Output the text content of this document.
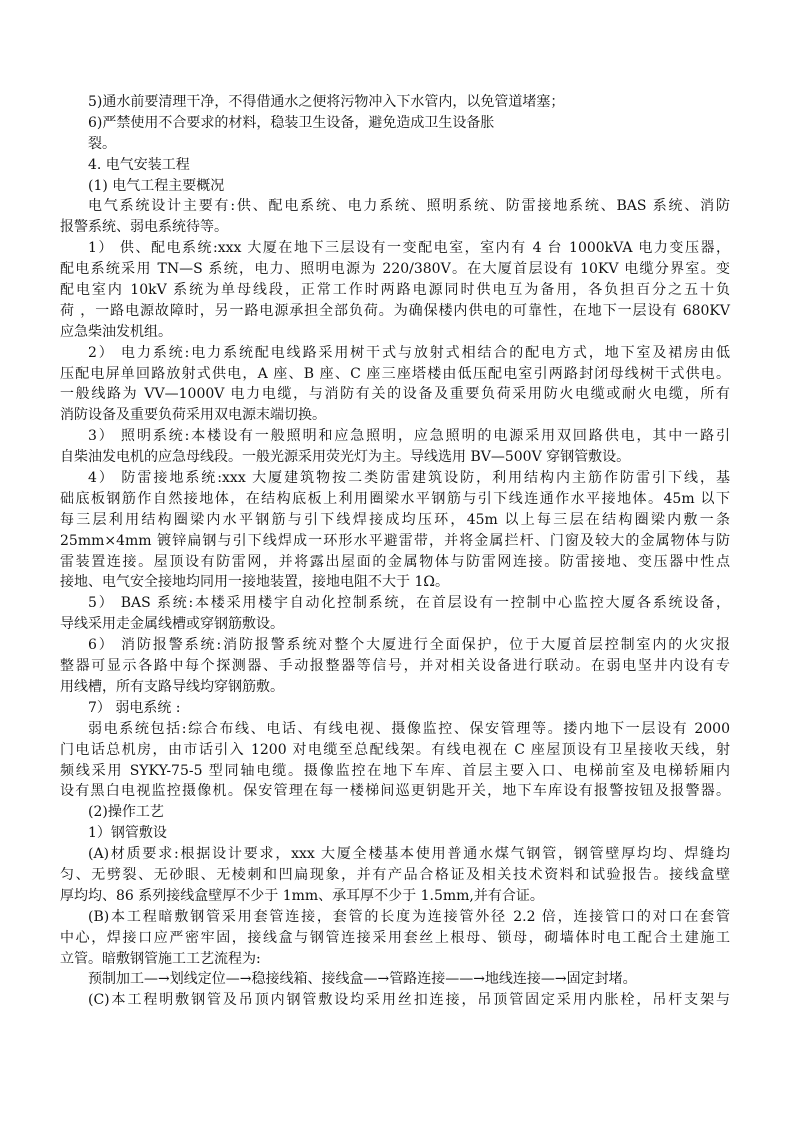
5)通水前要清理干净，不得借通水之便将污物冲入下水管内，以免管道堵塞；
6)严禁使用不合要求的材料，稳装卫生设备，避免造成卫生设备胀
裂。
4. 电气安装工程
(1) 电气工程主要概况
电气系统设计主要有:供、配电系统、电力系统、照明系统、防雷接地系统、BAS 系统、消防
报警系统、弱电系统待等。
1） 供、配电系统:xxx 大厦在地下三层设有一变配电室，室内有 4 台 1000kVA 电力变压器，
配电系统采用 TN—S 系统，电力、照明电源为 220/380V。在大厦首层设有 10KV 电缆分界室。变
配电室内 10kV 系统为单母线段，正常工作时两路电源同时供电互为备用，各负担百分之五十负
荷 ，一路电源故障时，另一路电源承担全部负荷。为确保楼内供电的可靠性，在地下一层设有 680KV
应急柴油发机组。
2） 电力系统:电力系统配电线路采用树干式与放射式相结合的配电方式，地下室及裙房由低
压配电屏单回路放射式供电，A 座、B 座、C 座三座塔楼由低压配电室引两路封闭母线树干式供电。
一般线路为 VV—1000V 电力电缆，与消防有关的设备及重要负荷采用防火电缆或耐火电缆，所有
消防设备及重要负荷采用双电源末端切换。
3） 照明系统:本楼设有一般照明和应急照明，应急照明的电源采用双回路供电，其中一路引
自柴油发电机的应急母线段。一般光源采用荧光灯为主。导线选用 BV—500V 穿钢管敷设。
4） 防雷接地系统:xxx 大厦建筑物按二类防雷建筑设防，利用结构内主筋作防雷引下线，基
础底板钢筋作自然接地体，在结构底板上利用圈梁水平钢筋与引下线连通作水平接地体。45m 以下
每三层利用结构圈梁内水平钢筋与引下线焊接成均压环，45m 以上每三层在结构圈梁内敷一条
25mm×4mm 镀锌扁钢与引下线焊成一环形水平避雷带，并将金属拦杆、门窗及较大的金属物体与防
雷装置连接。屋顶设有防雷网，并将露出屋面的金属物体与防雷网连接。防雷接地、变压器中性点
接地、电气安全接地均同用一接地装置，接地电阻不大于 1Ω。
5） BAS 系统:本楼采用楼宇自动化控制系统，在首层设有一控制中心监控大厦各系统设备，
导线采用走金属线槽或穿钢筋敷设。
6） 消防报警系统:消防报警系统对整个大厦进行全面保护，位于大厦首层控制室内的火灾报
整器可显示各路中每个探测器、手动报整器等信号，并对相关设备进行联动。在弱电坚井内设有专
用线槽，所有支路导线均穿钢筋敷。
7） 弱电系统 :
弱电系统包括:综合布线、电话、有线电视、摄像监控、保安管理等。搂内地下一层设有 2000
门电话总机房，由市话引入 1200 对电缆至总配线架。有线电视在 C 座屋顶设有卫星接收天线，射
频线采用 SYKY-75-5 型同轴电缆。摄像监控在地下车库、首层主要入口、电梯前室及电梯轿厢内
设有黑白电视监控摄像机。保安管理在每一楼梯间巡更钥匙开关，地下车库设有报警按钮及报警器。
(2)操作工艺
1）钢管敷设
(A)材质要求:根据设计要求，xxx 大厦全楼基本使用普通水煤气钢管，钢管壁厚均均、焊缝均
匀、无劈裂、无砂眼、无棱刺和凹扁现象，并有产品合格证及相关技术资料和试验报告。接线盒壁
厚均均、86 系列接线盒壁厚不少于 1mm、承耳厚不少于 1.5mm,并有合证。
(B)本工程暗敷钢管采用套管连接，套管的长度为连接管外径 2.2 倍，连接管口的对口在套管
中心，焊接口应严密牢固，接线盒与钢管连接采用套丝上根母、锁母，砌墙体时电工配合土建施工
立管。暗敷钢管施工工艺流程为:
预制加工—→划线定位—→稳接线箱、接线盒—→管路连接——→地线连接—→固定封堵。
(C)本工程明敷钢管及吊顶内钢管敷设均采用丝扣连接，吊顶管固定采用内胀栓，吊杆支架与
